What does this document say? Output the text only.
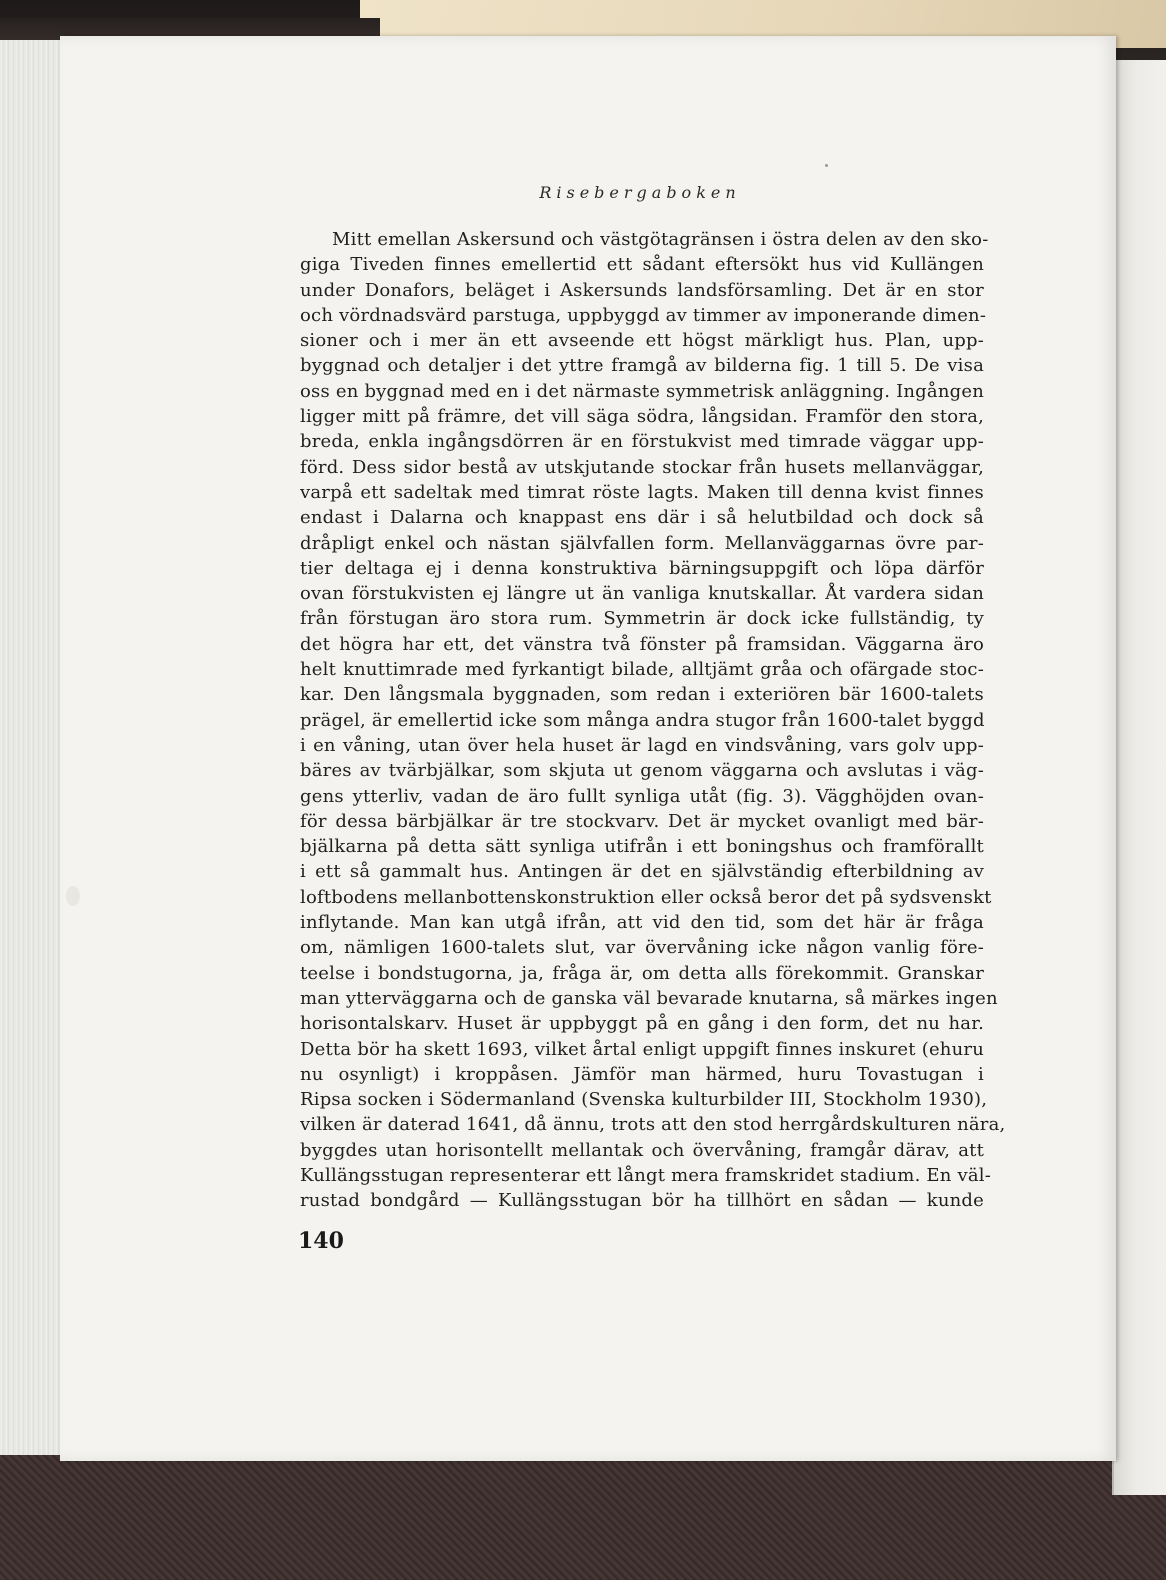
Risebergaboken
Mitt emellan Askersund och västgötagränsen i östra delen av den sko-
giga Tiveden finnes emellertid ett sådant eftersökt hus vid Kullängen
under Donafors, beläget i Askersunds landsförsamling. Det är en stor
och vördnadsvärd parstuga, uppbyggd av timmer av imponerande dimen-
sioner och i mer än ett avseende ett högst märkligt hus. Plan, upp-
byggnad och detaljer i det yttre framgå av bilderna fig. 1 till 5. De visa
oss en byggnad med en i det närmaste symmetrisk anläggning. Ingången
ligger mitt på främre, det vill säga södra, långsidan. Framför den stora,
breda, enkla ingångsdörren är en förstukvist med timrade väggar upp-
förd. Dess sidor bestå av utskjutande stockar från husets mellanväggar,
varpå ett sadeltak med timrat röste lagts. Maken till denna kvist finnes
endast i Dalarna och knappast ens där i så helutbildad och dock så
dråpligt enkel och nästan självfallen form. Mellanväggarnas övre par-
tier deltaga ej i denna konstruktiva bärningsuppgift och löpa därför
ovan förstukvisten ej längre ut än vanliga knutskallar. Åt vardera sidan
från förstugan äro stora rum. Symmetrin är dock icke fullständig, ty
det högra har ett, det vänstra två fönster på framsidan. Väggarna äro
helt knuttimrade med fyrkantigt bilade, alltjämt gråa och ofärgade stoc-
kar. Den långsmala byggnaden, som redan i exteriören bär 1600-talets
prägel, är emellertid icke som många andra stugor från 1600-talet byggd
i en våning, utan över hela huset är lagd en vindsvåning, vars golv upp-
bäres av tvärbjälkar, som skjuta ut genom väggarna och avslutas i väg-
gens ytterliv, vadan de äro fullt synliga utåt (fig. 3). Vägghöjden ovan-
för dessa bärbjälkar är tre stockvarv. Det är mycket ovanligt med bär-
bjälkarna på detta sätt synliga utifrån i ett boningshus och framförallt
i ett så gammalt hus. Antingen är det en självständig efterbildning av
loftbodens mellanbottenskonstruktion eller också beror det på sydsvenskt
inflytande. Man kan utgå ifrån, att vid den tid, som det här är fråga
om, nämligen 1600-talets slut, var övervåning icke någon vanlig före-
teelse i bondstugorna, ja, fråga är, om detta alls förekommit. Granskar
man ytterväggarna och de ganska väl bevarade knutarna, så märkes ingen
horisontalskarv. Huset är uppbyggt på en gång i den form, det nu har.
Detta bör ha skett 1693, vilket årtal enligt uppgift finnes inskuret (ehuru
nu osynligt) i kroppåsen. Jämför man härmed, huru Tovastugan i
Ripsa socken i Södermanland (Svenska kulturbilder III, Stockholm 1930),
vilken är daterad 1641, då ännu, trots att den stod herrgårdskulturen nära,
byggdes utan horisontellt mellantak och övervåning, framgår därav, att
Kullängsstugan representerar ett långt mera framskridet stadium. En väl-
rustad bondgård — Kullängsstugan bör ha tillhört en sådan — kunde
140
